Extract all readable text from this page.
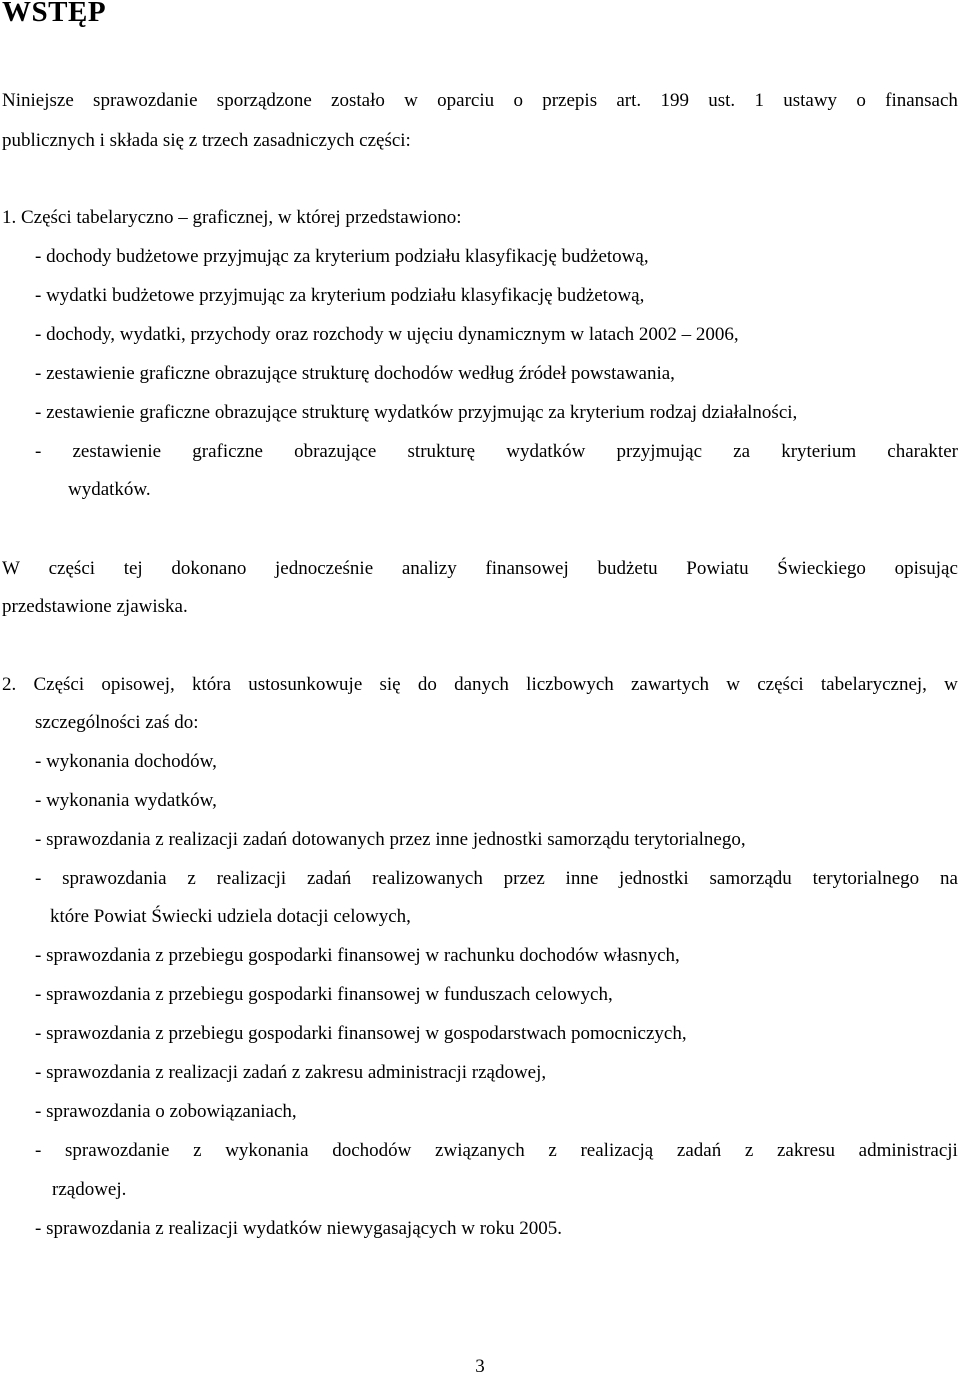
WSTĘP
Niniejsze sprawozdanie sporządzone zostało w oparciu o przepis art. 199 ust. 1 ustawy o finansach
publicznych i składa się z trzech zasadniczych części:
1. Części tabelaryczno – graficznej, w której przedstawiono:
- dochody budżetowe przyjmując za kryterium podziału klasyfikację budżetową,
- wydatki budżetowe przyjmując za kryterium podziału klasyfikację budżetową,
- dochody, wydatki, przychody oraz rozchody w ujęciu dynamicznym w latach 2002 – 2006,
- zestawienie graficzne obrazujące strukturę dochodów według źródeł powstawania,
- zestawienie graficzne obrazujące strukturę wydatków przyjmując za kryterium rodzaj działalności,
- zestawienie graficzne obrazujące strukturę wydatków przyjmując za kryterium charakter
wydatków.
W części tej dokonano jednocześnie analizy finansowej budżetu Powiatu Świeckiego opisując
przedstawione zjawiska.
2. Części opisowej, która ustosunkowuje się do danych liczbowych zawartych w części tabelarycznej, w
szczególności zaś do:
- wykonania dochodów,
- wykonania wydatków,
- sprawozdania z realizacji zadań dotowanych przez inne jednostki samorządu terytorialnego,
- sprawozdania z realizacji zadań realizowanych przez inne jednostki samorządu terytorialnego na
które Powiat Świecki udziela dotacji celowych,
- sprawozdania z przebiegu gospodarki finansowej w rachunku dochodów własnych,
- sprawozdania z przebiegu gospodarki finansowej w funduszach celowych,
- sprawozdania z przebiegu gospodarki finansowej w gospodarstwach pomocniczych,
- sprawozdania z realizacji zadań z zakresu administracji rządowej,
- sprawozdania o zobowiązaniach,
- sprawozdanie z wykonania dochodów związanych z realizacją zadań z zakresu administracji
rządowej.
- sprawozdania z realizacji wydatków niewygasających w roku 2005.
3
